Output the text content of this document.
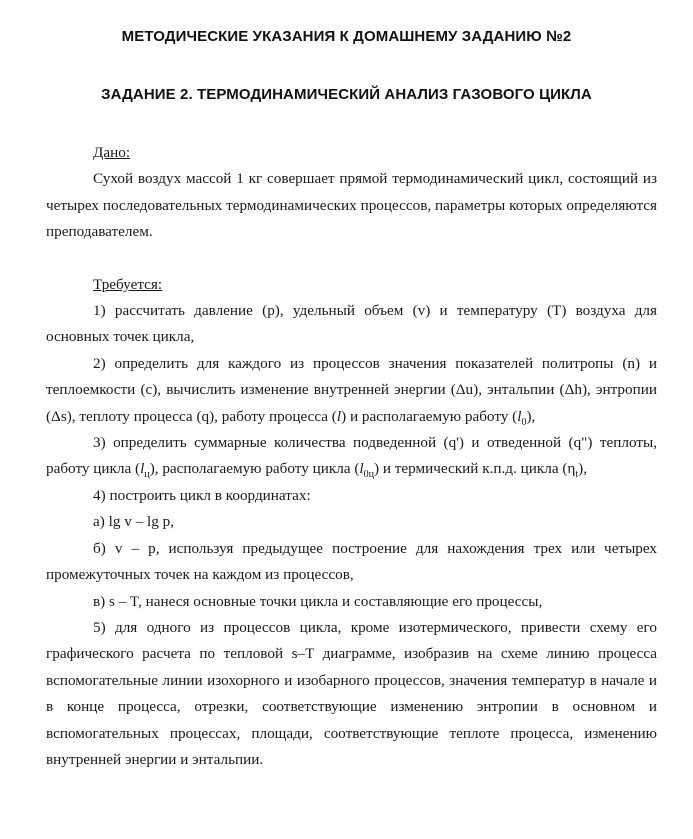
МЕТОДИЧЕСКИЕ УКАЗАНИЯ К ДОМАШНЕМУ ЗАДАНИЮ №2
ЗАДАНИЕ 2. ТЕРМОДИНАМИЧЕСКИЙ АНАЛИЗ ГАЗОВОГО ЦИКЛА

Дано:

Сухой воздух массой 1 кг совершает прямой термодинамический цикл, состоящий из четырех последовательных термодинамических процессов, параметры которых определяются преподавателем.

Требуется:

1) рассчитать давление (p), удельный объем (v) и температуру (T) воздуха для основных точек цикла,

2) определить для каждого из процессов значения показателей политропы (n) и теплоемкости (c), вычислить изменение внутренней энергии (Δu), энтальпии (Δh), энтропии (Δs), теплоту процесса (q), работу процесса (l) и располагаемую работу $(l_0)$,

3) определить суммарные количества подведенной (q') и отведенной (q") теплоты, работу цикла $(l_ц)$, располагаемую работу цикла $(l_{0ц})$ и термический к.п.д. цикла $(\eta_t)$,

4) построить цикл в координатах:

а) lg v – lg p,

б) v – p, используя предыдущее построение для нахождения трех или четырех промежуточных точек на каждом из процессов,

в) s – T, нанеся основные точки цикла и составляющие его процессы,

5) для одного из процессов цикла, кроме изотермического, привести схему его графического расчета по тепловой s–T диаграмме, изобразив на схеме линию процесса вспомогательные линии изохорного и изобарного процессов, значения температур в начале и в конце процесса, отрезки, соответствующие изменению энтропии в основном и вспомогательных процессах, площади, соответствующие теплоте процесса, изменению внутренней энергии и энтальпии.
